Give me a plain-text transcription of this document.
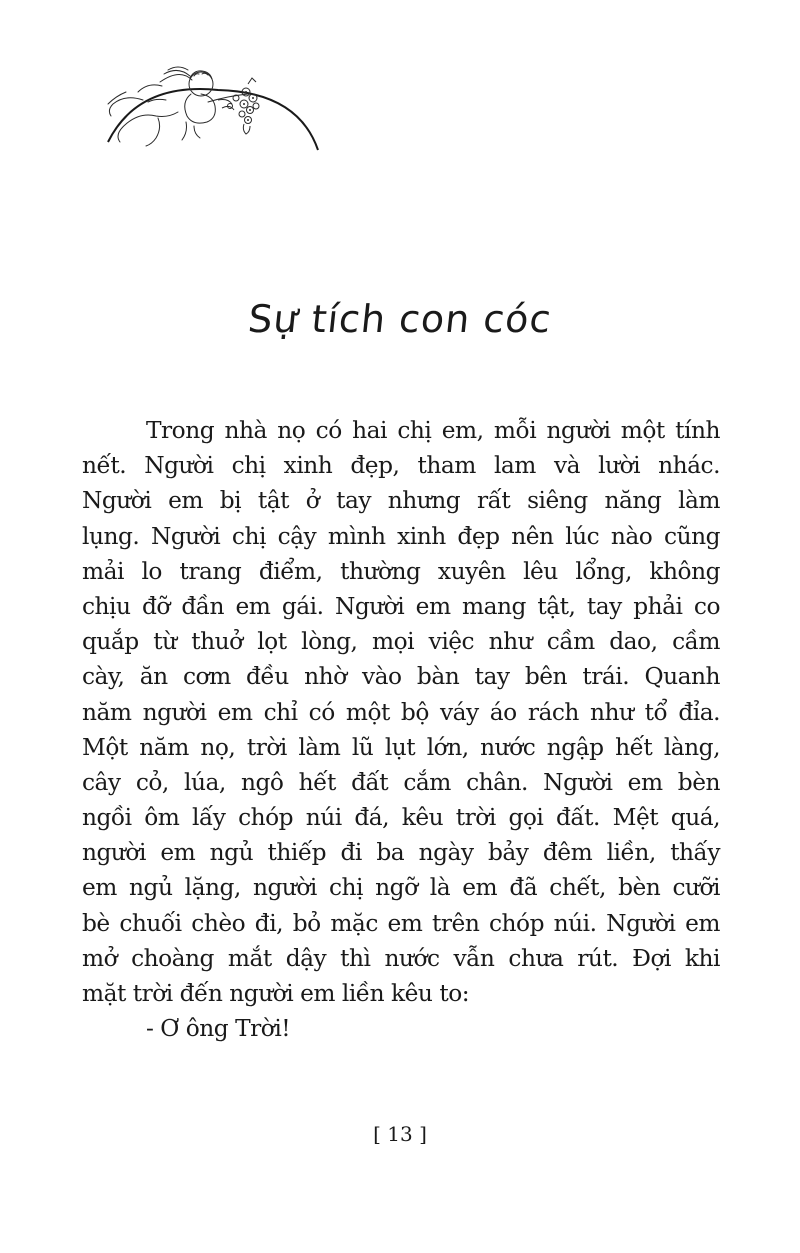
Sự tích con cóc
Trong nhà nọ có hai chị em, mỗi người một tính
nết. Người chị xinh đẹp, tham lam và lười nhác.
Người em bị tật ở tay nhưng rất siêng năng làm
lụng. Người chị cậy mình xinh đẹp nên lúc nào cũng
mải lo trang điểm, thường xuyên lêu lổng, không
chịu đỡ đần em gái. Người em mang tật, tay phải co
quắp từ thuở lọt lòng, mọi việc như cầm dao, cầm
cày, ăn cơm đều nhờ vào bàn tay bên trái. Quanh
năm người em chỉ có một bộ váy áo rách như tổ đỉa.
Một năm nọ, trời làm lũ lụt lớn, nước ngập hết làng,
cây cỏ, lúa, ngô hết đất cắm chân. Người em bèn
ngồi ôm lấy chóp núi đá, kêu trời gọi đất. Mệt quá,
người em ngủ thiếp đi ba ngày bảy đêm liền, thấy
em ngủ lặng, người chị ngỡ là em đã chết, bèn cưỡi
bè chuối chèo đi, bỏ mặc em trên chóp núi. Người em
mở choàng mắt dậy thì nước vẫn chưa rút. Đợi khi
mặt trời đến người em liền kêu to:
- Ơ ông Trời!
[ 13 ]
